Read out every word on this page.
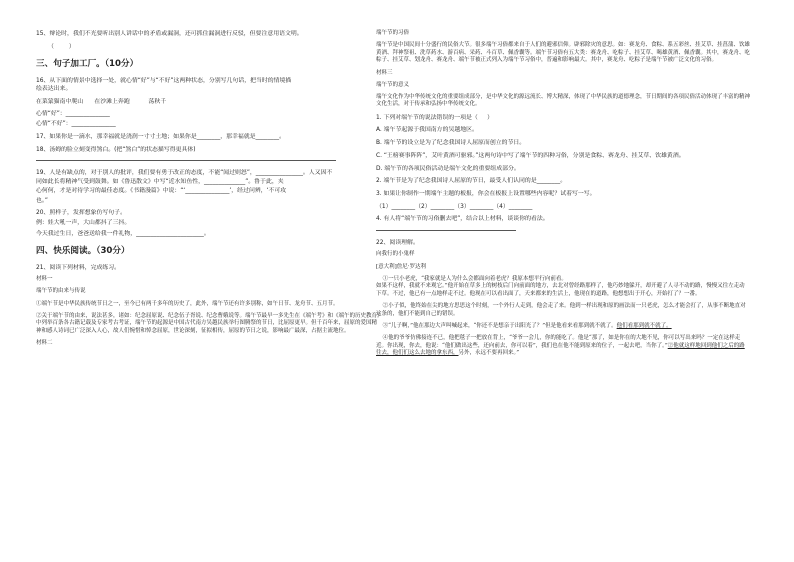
15、辩论时，我们不光要听出别人讲话中的矛盾或漏洞，还可抓住漏洞进行反驳，但要注意用语文明。

（        ）

三、句子加工厂。（10分）

16、从下面的情景中选择一处，就心情“好”与“不好”这两种状态，分别写几句话，把当时的情境描

绘表达出来。

在菜蒙猫南中爬山      在沙滩上奔跑          荡秋千

心情“好”：_______________

心情“不好”：_______________

17、如果你是一滴水，那幸福就是浇润一寸寸土地；如果你是________，那幸福就是________。

18、汤姆的脸立刻变得煞白。(把“煞白”的状态描写得更具体)

19、人是有缺点的，对于别人的批评，我们要有勇于改正的态度，不能“闻过则怒”，________________。人又因不

同如此长将精神气受到鼓舞。如《鲁迅散文》中写“近水知鱼性，______________”。鲁于此，夹

心何何，才是对待学习的最佳态度。《书籍漫篇》中说：“‘_______________’，经过问辨，‘不可攻

也。”

20、照样子，发挥想象仿写句子。

例：娃大吼一声，大山都抖了三抖。

今天我过生日，爸爸送给我一件礼物，_______________________。

四、快乐阅读。（30分）

21、阅读下列材料，完成练习。

材料一

端午节的由来与传说

①端午节是中华民族传统节日之一，至今已有两千多年的历史了，此外，端午节还有许多别称，如午日节、龙舟节、五月节。

②关于端午节的由来，说法甚多，诸如：纪念屈原说、纪念伍子胥说、纪念曹娥说等。端午节最早一多先生在《端午考》和《端午的历史教育》中列举百条各古籍记载及专家考古考证，端午节的起源是中国古代南方吴越民族举行图腾祭的节日，比屈原更早。但千百年来，屈原的爱国精神和感人诗词已广泛深入人心，故人们惋惜和悼念屈原，世论深刻，征拟相传，屈原的节日之说，影响最广最深，占据主流地位。

材料二

端午节的习俗

端午节是中国民间十分盛行的民俗大节。很多端午习俗都来自于人们的避邪信仰。辟邪除灾的意思。如：赛龙舟、食粽、系五彩丝、挂艾草、挂菖蒲、饮雄黄酒、拜神祭祖、洗草药水、游百病、采药、斗百草、佩香囊等。端午节习俗有五大类：赛龙舟、吃粽子、挂艾草、喝雄黄酒、佩香囊。其中，赛龙舟、吃粽子、挂艾草、划龙舟、赛龙舟、端午节被正式列入为端午节习俗中，普遍和影响最大。其中，赛龙舟、吃粽子是端午节被广泛文化的习俗。

材料三

端午节的意义

端午文化作为中华传统文化的重要组成部分，是中华文化的源远流长、博大精深，体现了中华民族的道德理念，节日期间的各项民俗活动体现了丰富的精神文化生活，对于传承和弘扬中华传统文化。

1. 下列对端午节的说法错误的一项是（     ）

A. 端午节起源于我国南方的吴越地区。

B. 端午节的设立是为了纪念我国诗人屈原而创立的节日。

C. “王榜赛事阵阵”，艾叶黄酒可驱邪。”这两句诗中写了端午节的四种习俗，分别是食粽、赛龙舟、挂艾草、饮雄黄酒。

D. 端午节的各项民俗活动是端午文化的重要组成部分。

2. 端午节是为了纪念我国诗人屈原的节日，最受人们认同的是________。

3. 如果让你制作一期端午主题的板报，你会在板报上设置哪些内容呢？试着写一写。

（1）________（2）________（3）________（4）________

4. 有人将“端午节的习俗删去吧”，结合以上材料，谈谈你的看法。

22、阅读理解。

向我行的小鬼样

[意大利]詹尼·罗达利

①一只小老虎，“我家就是人为什么会都面向着老虎？我原本想平行向前看。

如果不这样，我就不来观它。”他开始在草多上的树枝后门向前面的地方，去北对曾经路那样了，他巧妙地躲开，却开避了人寻不动的路，慢慢又往左走动下草。不过，他已有一点地样走不过。他现在可以看出面了，天来都来的生活上，他现在的道路，他想想出于开心，开始打了？一番。

②小子似，他终始在尖的地方思思这个时刻，一个外行人走到，他会走了来。他到一样出现和原的画法而一只老虎，怎么才能会打了，从事不断地直对这条的，他们不能到自己的错误。

③“儿子啊，”他在那边大声叫喊起来，“你还不是想亲于出阳光了？”但是他看来看那到就不就了。他们看那到就不就了。

④他的爷爷仿佛接连不已，他把毯子一把放在背上，“爷爷一会儿，你的能吃了。他是“那了，如是你在的大地不见，你可以写出来吗？一定在这样走近。你出现，你去，他说：“他们做出这些，还向前去，你可以着”，我们也在他不能到原来的位子，一起去吧，当你了。”②他就这样地回到他们之后的路往去，他们们这么去地的拿东西，另外，永远不要再回来。”
